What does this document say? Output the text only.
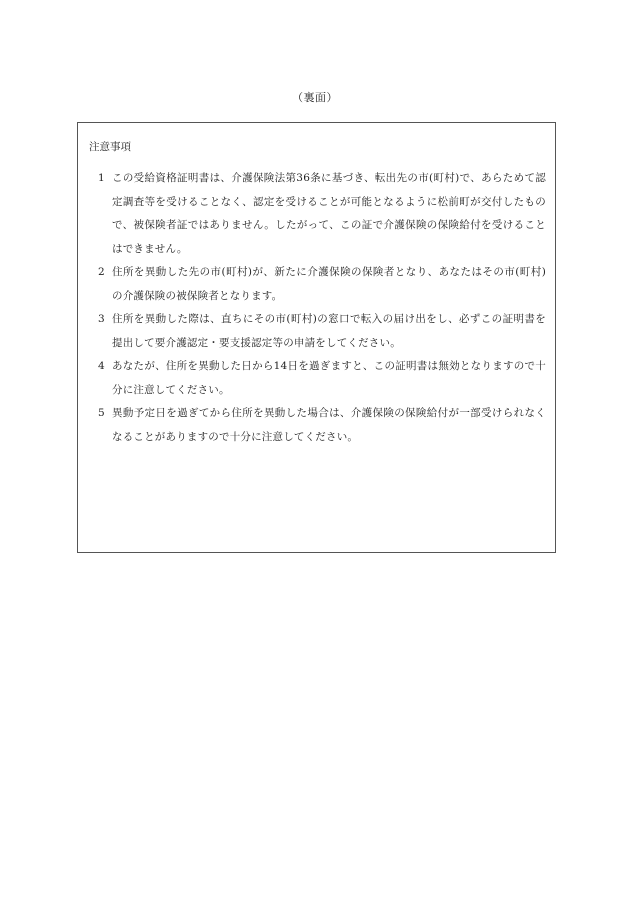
（裏面）
注意事項
1 この受給資格証明書は、介護保険法第36条に基づき、転出先の市(町村)で、あらためて認定調査等を受けることなく、認定を受けることが可能となるように松前町が交付したもので、被保険者証ではありません。したがって、この証で介護保険の保険給付を受けることはできません。
2 住所を異動した先の市(町村)が、新たに介護保険の保険者となり、あなたはその市(町村)の介護保険の被保険者となります。
3 住所を異動した際は、直ちにその市(町村)の窓口で転入の届け出をし、必ずこの証明書を提出して要介護認定・要支援認定等の申請をしてください。
4 あなたが、住所を異動した日から14日を過ぎますと、この証明書は無効となりますので十分に注意してください。
5 異動予定日を過ぎてから住所を異動した場合は、介護保険の保険給付が一部受けられなくなることがありますので十分に注意してください。
